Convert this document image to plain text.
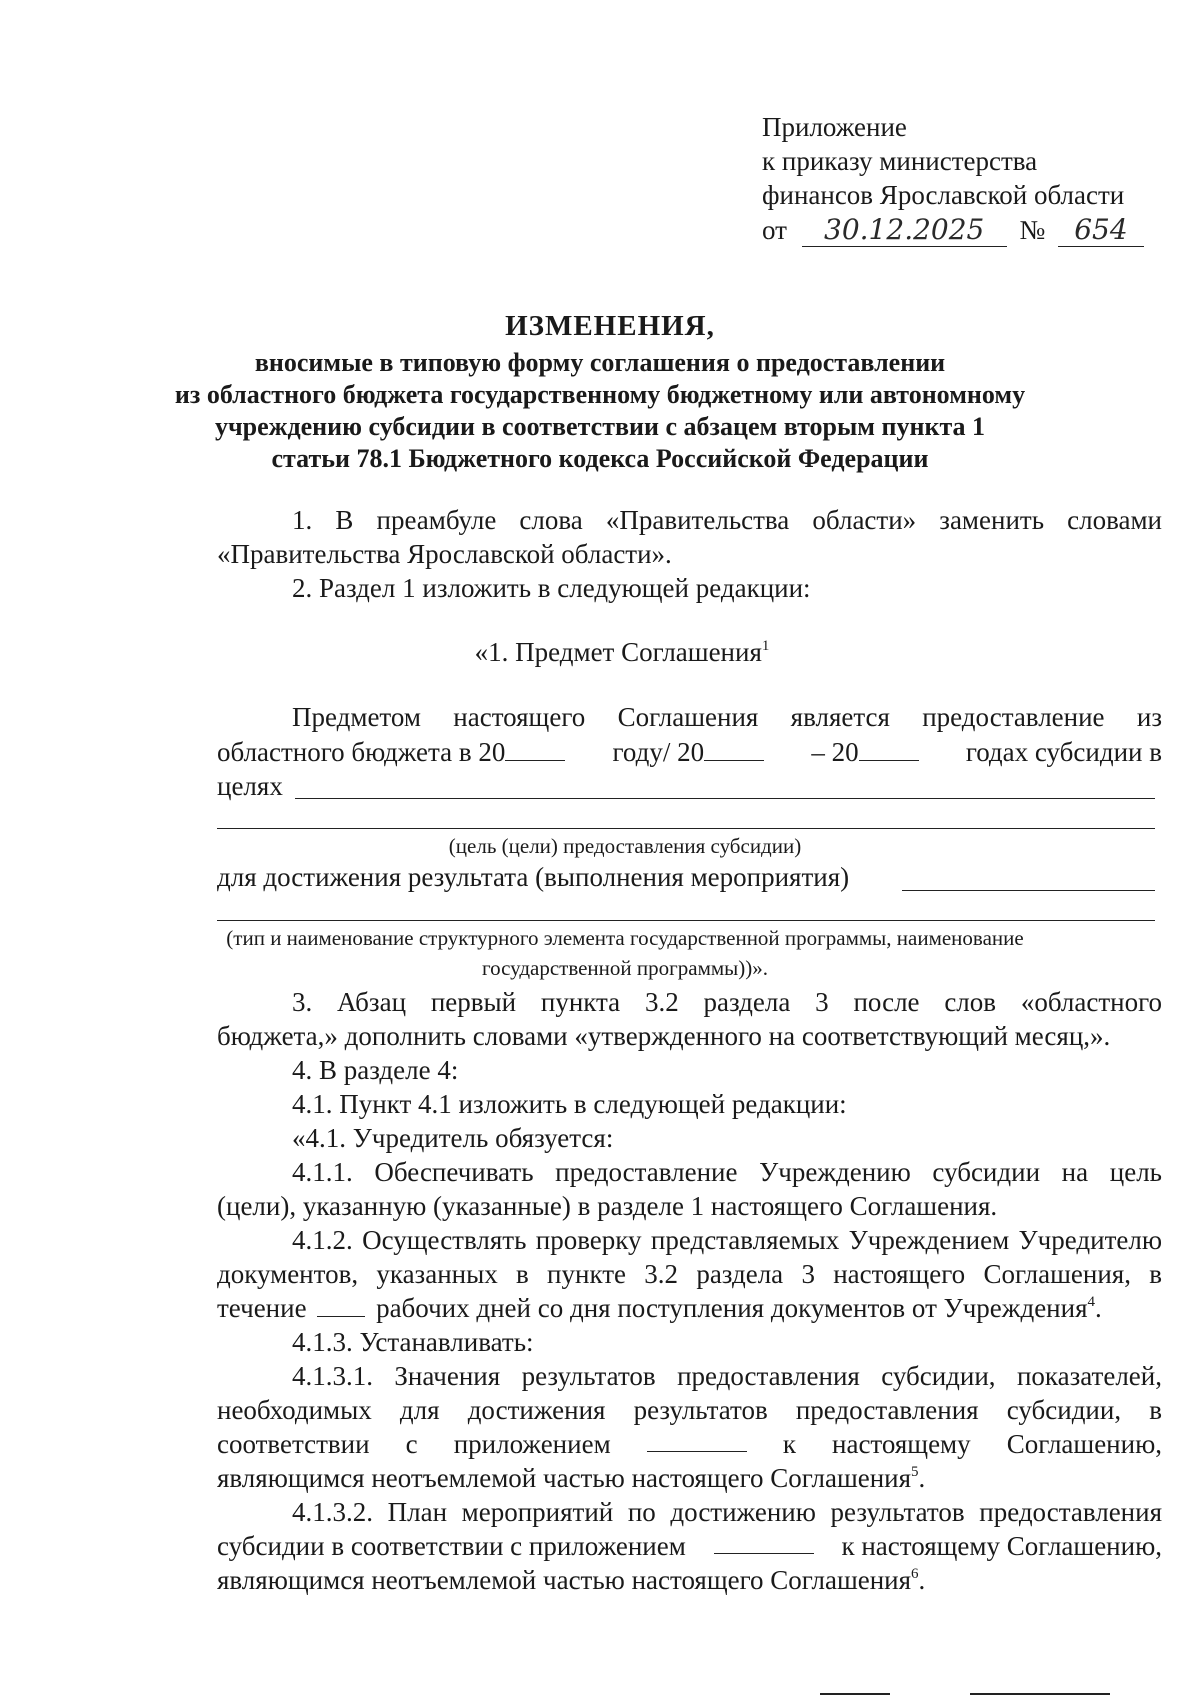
Приложение
к приказу министерства
финансов Ярославской области
от 30.12.2025 № 654
ИЗМЕНЕНИЯ,
вносимые в типовую форму соглашения о предоставлении
из областного бюджета государственному бюджетному или автономному
учреждению субсидии в соответствии с абзацем вторым пункта 1
статьи 78.1 Бюджетного кодекса Российской Федерации
1. В преамбуле слова «Правительства области» заменить словами
«Правительства Ярославской области».
2. Раздел 1 изложить в следующей редакции:
«1. Предмет Соглашения$^1$
Предметом настоящего Соглашения является предоставление из
областного бюджета в 20	году/ 20	– 20	годах субсидии в
целях
(цель (цели) предоставления субсидии)
для достижения результата (выполнения мероприятия)
(тип и наименование структурного элемента государственной программы, наименование
государственной программы))».
3. Абзац первый пункта 3.2 раздела 3 после слов «областного
бюджета,» дополнить словами «утвержденного на соответствующий месяц,».
4. В разделе 4:
4.1. Пункт 4.1 изложить в следующей редакции:
«4.1. Учредитель обязуется:
4.1.1. Обеспечивать предоставление Учреждению субсидии на цель
(цели), указанную (указанные) в разделе 1 настоящего Соглашения.
4.1.2. Осуществлять проверку представляемых Учреждением Учредителю
документов, указанных в пункте 3.2 раздела 3 настоящего Соглашения, в
течение	рабочих дней со дня поступления документов от Учреждения$^4$.
4.1.3. Устанавливать:
4.1.3.1. Значения результатов предоставления субсидии, показателей,
необходимых для достижения результатов предоставления субсидии, в
соответствии с приложением	к настоящему Соглашению,
являющимся неотъемлемой частью настоящего Соглашения$^5$.
4.1.3.2. План мероприятий по достижению результатов предоставления
субсидии в соответствии с приложением	к настоящему Соглашению,
являющимся неотъемлемой частью настоящего Соглашения$^6$.
